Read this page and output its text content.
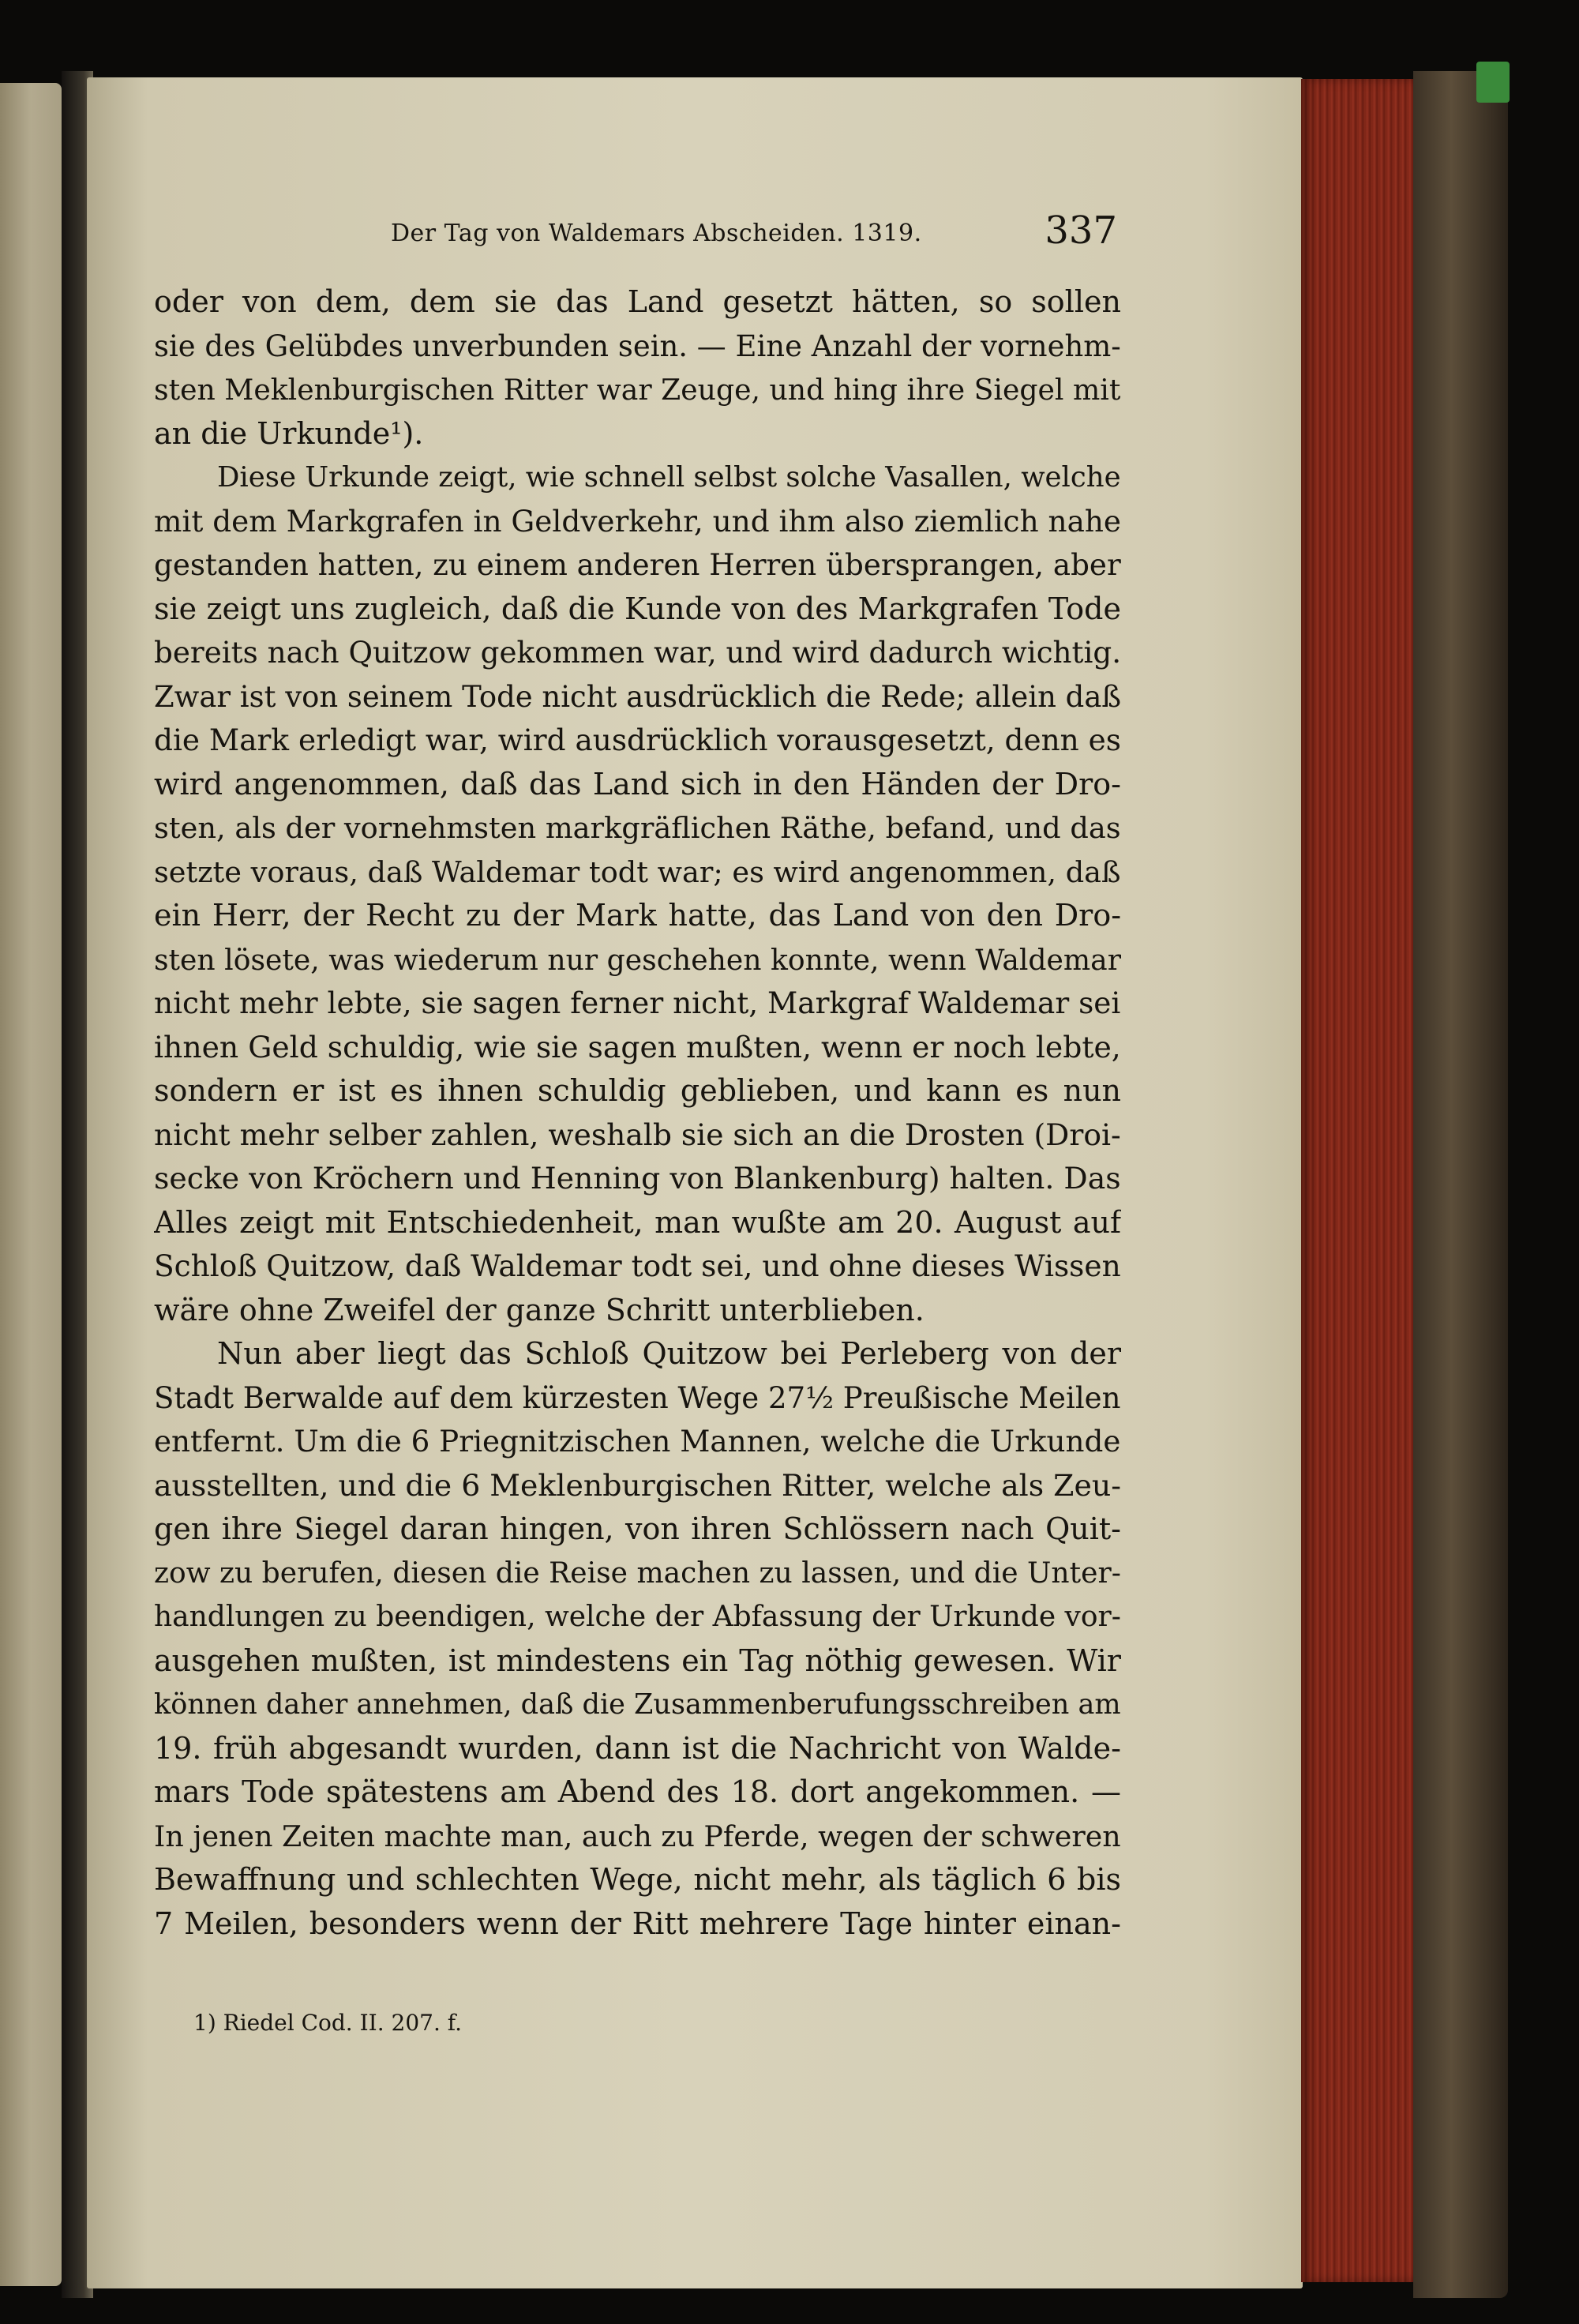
Der Tag von Waldemars Abscheiden. 1319.	337
oder von dem, dem sie das Land gesetzt hätten, so sollen
sie des Gelübdes unverbunden sein. — Eine Anzahl der vornehm-
sten Meklenburgischen Ritter war Zeuge, und hing ihre Siegel mit
an die Urkunde¹).
Diese Urkunde zeigt, wie schnell selbst solche Vasallen, welche
mit dem Markgrafen in Geldverkehr, und ihm also ziemlich nahe
gestanden hatten, zu einem anderen Herren übersprangen, aber
sie zeigt uns zugleich, daß die Kunde von des Markgrafen Tode
bereits nach Quitzow gekommen war, und wird dadurch wichtig.
Zwar ist von seinem Tode nicht ausdrücklich die Rede; allein daß
die Mark erledigt war, wird ausdrücklich vorausgesetzt, denn es
wird angenommen, daß das Land sich in den Händen der Dro-
sten, als der vornehmsten markgräflichen Räthe, befand, und das
setzte voraus, daß Waldemar todt war; es wird angenommen, daß
ein Herr, der Recht zu der Mark hatte, das Land von den Dro-
sten lösete, was wiederum nur geschehen konnte, wenn Waldemar
nicht mehr lebte, sie sagen ferner nicht, Markgraf Waldemar sei
ihnen Geld schuldig, wie sie sagen mußten, wenn er noch lebte,
sondern er ist es ihnen schuldig geblieben, und kann es nun
nicht mehr selber zahlen, weshalb sie sich an die Drosten (Droi-
secke von Kröchern und Henning von Blankenburg) halten. Das
Alles zeigt mit Entschiedenheit, man wußte am 20. August auf
Schloß Quitzow, daß Waldemar todt sei, und ohne dieses Wissen
wäre ohne Zweifel der ganze Schritt unterblieben.
Nun aber liegt das Schloß Quitzow bei Perleberg von der
Stadt Berwalde auf dem kürzesten Wege 27½ Preußische Meilen
entfernt. Um die 6 Priegnitzischen Mannen, welche die Urkunde
ausstellten, und die 6 Meklenburgischen Ritter, welche als Zeu-
gen ihre Siegel daran hingen, von ihren Schlössern nach Quit-
zow zu berufen, diesen die Reise machen zu lassen, und die Unter-
handlungen zu beendigen, welche der Abfassung der Urkunde vor-
ausgehen mußten, ist mindestens ein Tag nöthig gewesen. Wir
können daher annehmen, daß die Zusammenberufungsschreiben am
19. früh abgesandt wurden, dann ist die Nachricht von Walde-
mars Tode spätestens am Abend des 18. dort angekommen. —
In jenen Zeiten machte man, auch zu Pferde, wegen der schweren
Bewaffnung und schlechten Wege, nicht mehr, als täglich 6 bis
7 Meilen, besonders wenn der Ritt mehrere Tage hinter einan-
1) Riedel Cod. II. 207. f.
